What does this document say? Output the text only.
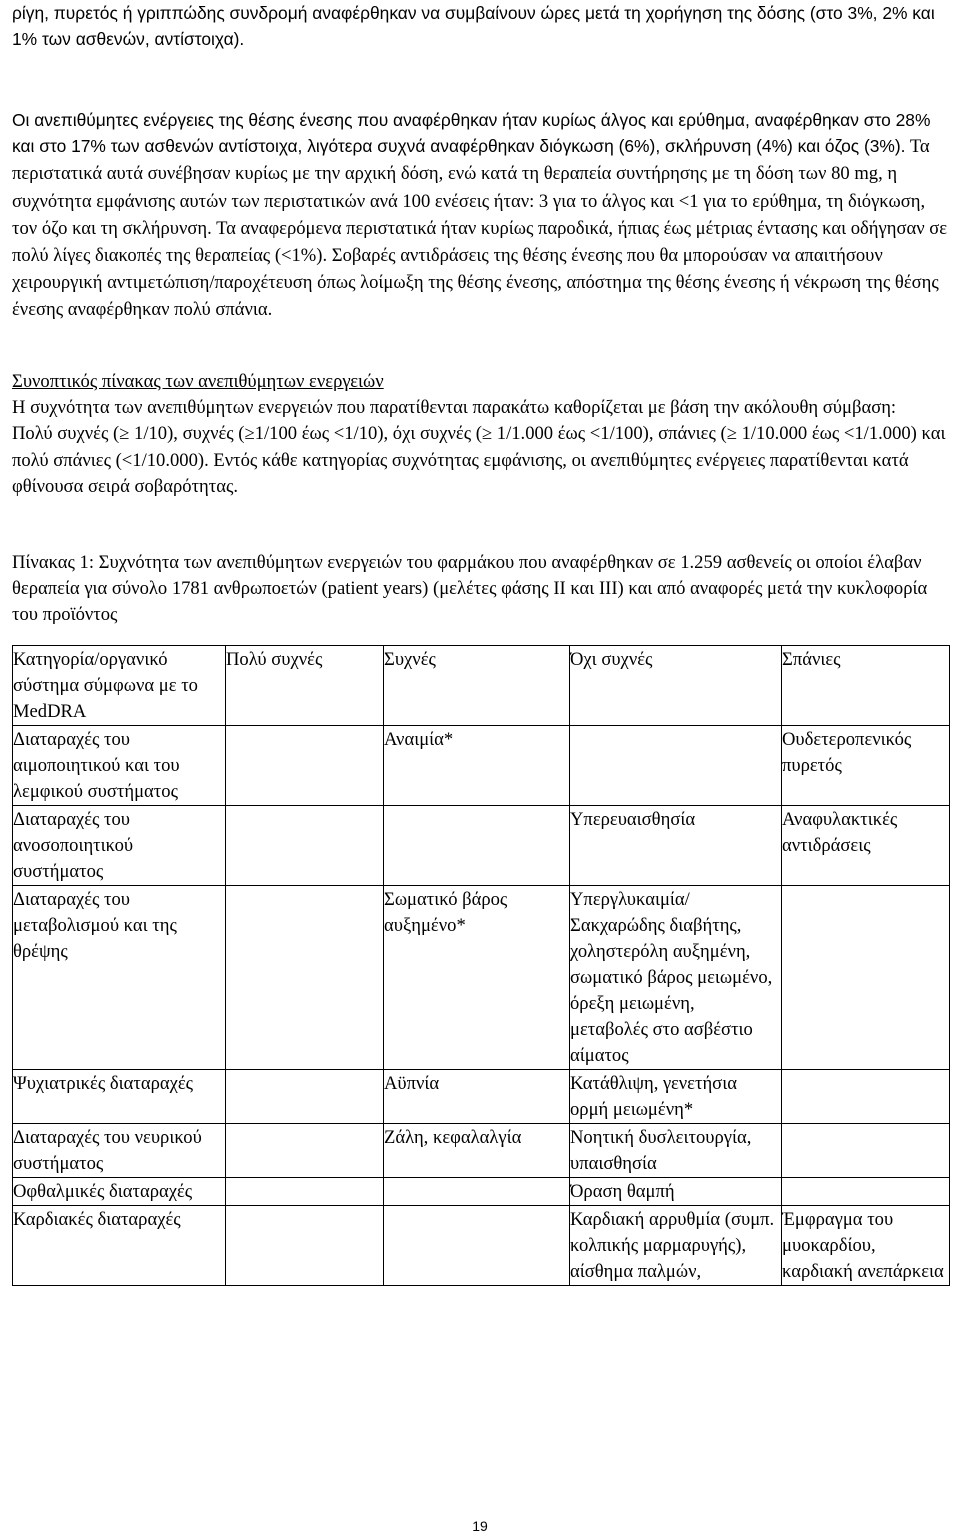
ρίγη, πυρετός ή γριππώδης συνδρομή αναφέρθηκαν να συμβαίνουν ώρες μετά τη χορήγηση της δόσης (στο 3%, 2% και 1% των ασθενών, αντίστοιχα).

Οι ανεπιθύμητες ενέργειες της θέσης ένεσης που αναφέρθηκαν ήταν κυρίως άλγος και ερύθημα, αναφέρθηκαν στο 28% και στο 17% των ασθενών αντίστοιχα, λιγότερα συχνά αναφέρθηκαν διόγκωση (6%), σκλήρυνση (4%) και όζος (3%). Τα περιστατικά αυτά συνέβησαν κυρίως με την αρχική δόση, ενώ κατά τη θεραπεία συντήρησης με τη δόση των 80 mg, η συχνότητα εμφάνισης αυτών των περιστατικών ανά 100 ενέσεις ήταν: 3 για το άλγος και <1 για το ερύθημα, τη διόγκωση, τον όζο και τη σκλήρυνση. Τα αναφερόμενα περιστατικά ήταν κυρίως παροδικά, ήπιας έως μέτριας έντασης και οδήγησαν σε πολύ λίγες διακοπές της θεραπείας (<1%). Σοβαρές αντιδράσεις της θέσης ένεσης που θα μπορούσαν να απαιτήσουν χειρουργική αντιμετώπιση/παροχέτευση όπως λοίμωξη της θέσης ένεσης, απόστημα της θέσης ένεσης ή νέκρωση της θέσης ένεσης αναφέρθηκαν πολύ σπάνια.

Συνοπτικός πίνακας των ανεπιθύμητων ενεργειών

Η συχνότητα των ανεπιθύμητων ενεργειών που παρατίθενται παρακάτω καθορίζεται με βάση την ακόλουθη σύμβαση:

Πολύ συχνές (≥ 1/10), συχνές (≥1/100 έως <1/10), όχι συχνές (≥ 1/1.000 έως <1/100), σπάνιες (≥ 1/10.000 έως <1/1.000) και πολύ σπάνιες (<1/10.000). Εντός κάθε κατηγορίας συχνότητας εμφάνισης, οι ανεπιθύμητες ενέργειες παρατίθενται κατά φθίνουσα σειρά σοβαρότητας.

Πίνακας 1: Συχνότητα των ανεπιθύμητων ενεργειών του φαρμάκου που αναφέρθηκαν σε 1.259 ασθενείς οι οποίοι έλαβαν θεραπεία για σύνολο 1781 ανθρωποετών (patient years) (μελέτες φάσης ΙΙ και ΙΙΙ) και από αναφορές μετά την κυκλοφορία του προϊόντος

Κατηγορία/οργανικό σύστημα σύμφωνα με το MedDRA	Πολύ συχνές	Συχνές	Όχι συχνές	Σπάνιες

Διαταραχές του αιμοποιητικού και του λεμφικού συστήματος		Αναιμία*		Ουδετεροπενικός πυρετός

Διαταραχές του ανοσοποιητικού συστήματος			Υπερευαισθησία	Αναφυλακτικές αντιδράσεις

Διαταραχές του μεταβολισμού και της θρέψης		Σωματικό βάρος αυξημένο*	Υπεργλυκαιμία/ Σακχαρώδης διαβήτης, χοληστερόλη αυξημένη, σωματικό βάρος μειωμένο, όρεξη μειωμένη, μεταβολές στο ασβέστιο αίματος	

Ψυχιατρικές διαταραχές		Αϋπνία	Κατάθλιψη, γενετήσια ορμή μειωμένη*	

Διαταραχές του νευρικού συστήματος		Ζάλη, κεφαλαλγία	Νοητική δυσλειτουργία, υπαισθησία	

Οφθαλμικές διαταραχές			Όραση θαμπή	

Καρδιακές διαταραχές			Καρδιακή αρρυθμία (συμπ. κολπικής μαρμαρυγής), αίσθημα παλμών,	Έμφραγμα του μυοκαρδίου, καρδιακή ανεπάρκεια
19
